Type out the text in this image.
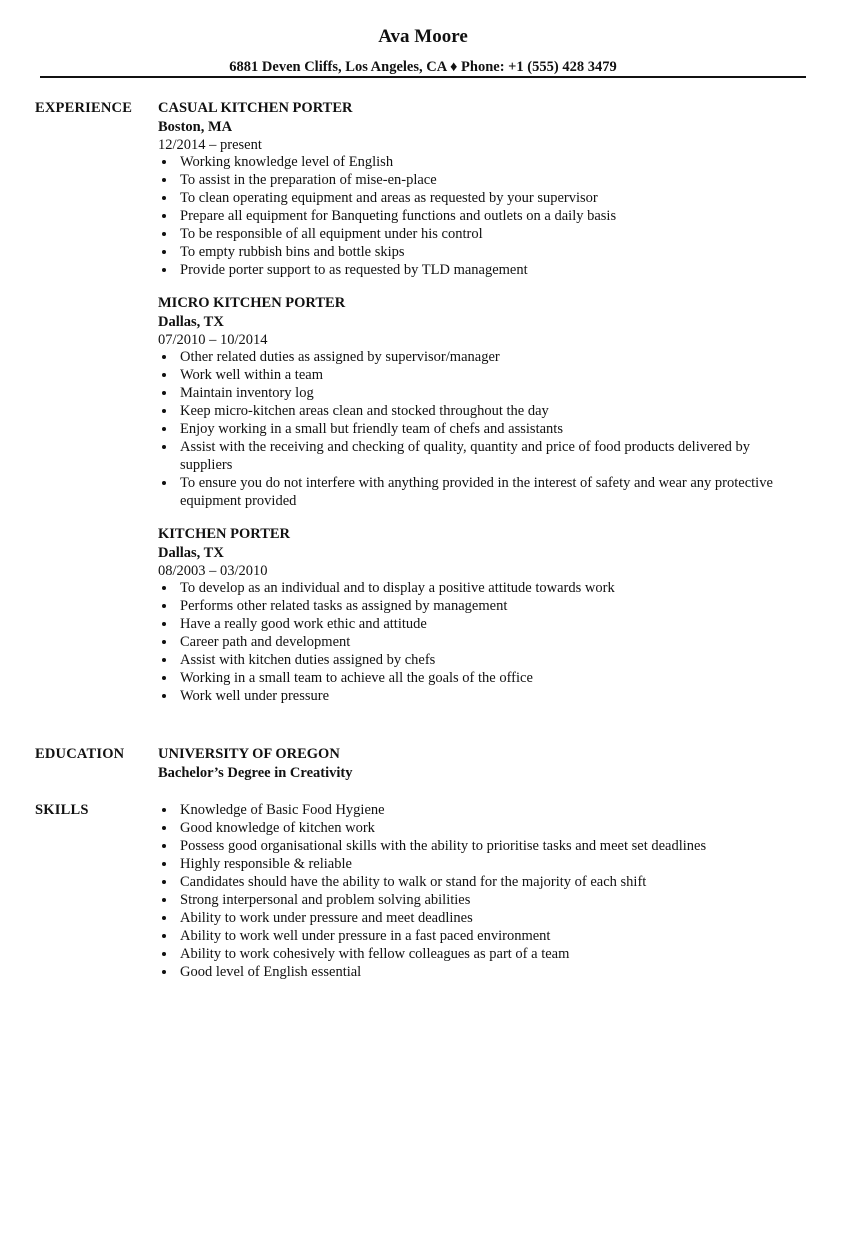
Ava Moore
6881 Deven Cliffs, Los Angeles, CA ♦ Phone: +1 (555) 428 3479
EXPERIENCE CASUAL KITCHEN PORTER
Boston, MA
12/2014 – present
Working knowledge level of English
To assist in the preparation of mise-en-place
To clean operating equipment and areas as requested by your supervisor
Prepare all equipment for Banqueting functions and outlets on a daily basis
To be responsible of all equipment under his control
To empty rubbish bins and bottle skips
Provide porter support to as requested by TLD management
MICRO KITCHEN PORTER
Dallas, TX
07/2010 – 10/2014
Other related duties as assigned by supervisor/manager
Work well within a team
Maintain inventory log
Keep micro-kitchen areas clean and stocked throughout the day
Enjoy working in a small but friendly team of chefs and assistants
Assist with the receiving and checking of quality, quantity and price of food products delivered by suppliers
To ensure you do not interfere with anything provided in the interest of safety and wear any protective equipment provided
KITCHEN PORTER
Dallas, TX
08/2003 – 03/2010
To develop as an individual and to display a positive attitude towards work
Performs other related tasks as assigned by management
Have a really good work ethic and attitude
Career path and development
Assist with kitchen duties assigned by chefs
Working in a small team to achieve all the goals of the office
Work well under pressure
EDUCATION UNIVERSITY OF OREGON
Bachelor’s Degree in Creativity
SKILLS	Knowledge of Basic Food Hygiene
Good knowledge of kitchen work
Possess good organisational skills with the ability to prioritise tasks and meet set deadlines
Highly responsible & reliable
Candidates should have the ability to walk or stand for the majority of each shift
Strong interpersonal and problem solving abilities
Ability to work under pressure and meet deadlines
Ability to work well under pressure in a fast paced environment
Ability to work cohesively with fellow colleagues as part of a team
Good level of English essential
